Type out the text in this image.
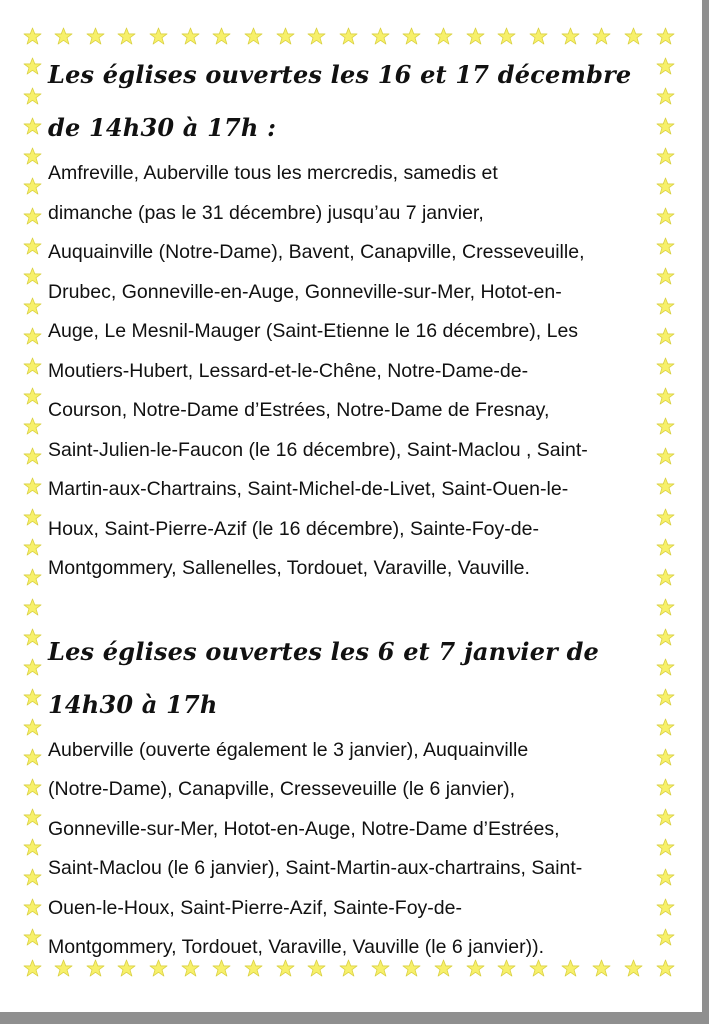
Les églises ouvertes les 16 et 17 décembre
de 14h30 à 17h :
Amfreville, Auberville tous les mercredis, samedis et
dimanche (pas le 31 décembre) jusqu’au 7 janvier,
Auquainville (Notre-Dame), Bavent, Canapville, Cresseveuille,
Drubec, Gonneville-en-Auge, Gonneville-sur-Mer, Hotot-en-
Auge, Le Mesnil-Mauger (Saint-Etienne le 16 décembre), Les
Moutiers-Hubert, Lessard-et-le-Chêne, Notre-Dame-de-
Courson, Notre-Dame d’Estrées, Notre-Dame de Fresnay,
Saint-Julien-le-Faucon (le 16 décembre), Saint-Maclou , Saint-
Martin-aux-Chartrains, Saint-Michel-de-Livet, Saint-Ouen-le-
Houx, Saint-Pierre-Azif (le 16 décembre), Sainte-Foy-de-
Montgommery, Sallenelles, Tordouet, Varaville, Vauville.
Les églises ouvertes les 6 et 7 janvier de
14h30 à 17h
Auberville (ouverte également le 3 janvier), Auquainville
(Notre-Dame), Canapville, Cresseveuille (le 6 janvier),
Gonneville-sur-Mer, Hotot-en-Auge, Notre-Dame d’Estrées,
Saint-Maclou (le 6 janvier), Saint-Martin-aux-chartrains, Saint-
Ouen-le-Houx, Saint-Pierre-Azif, Sainte-Foy-de-
Montgommery, Tordouet, Varaville, Vauville (le 6 janvier)).
